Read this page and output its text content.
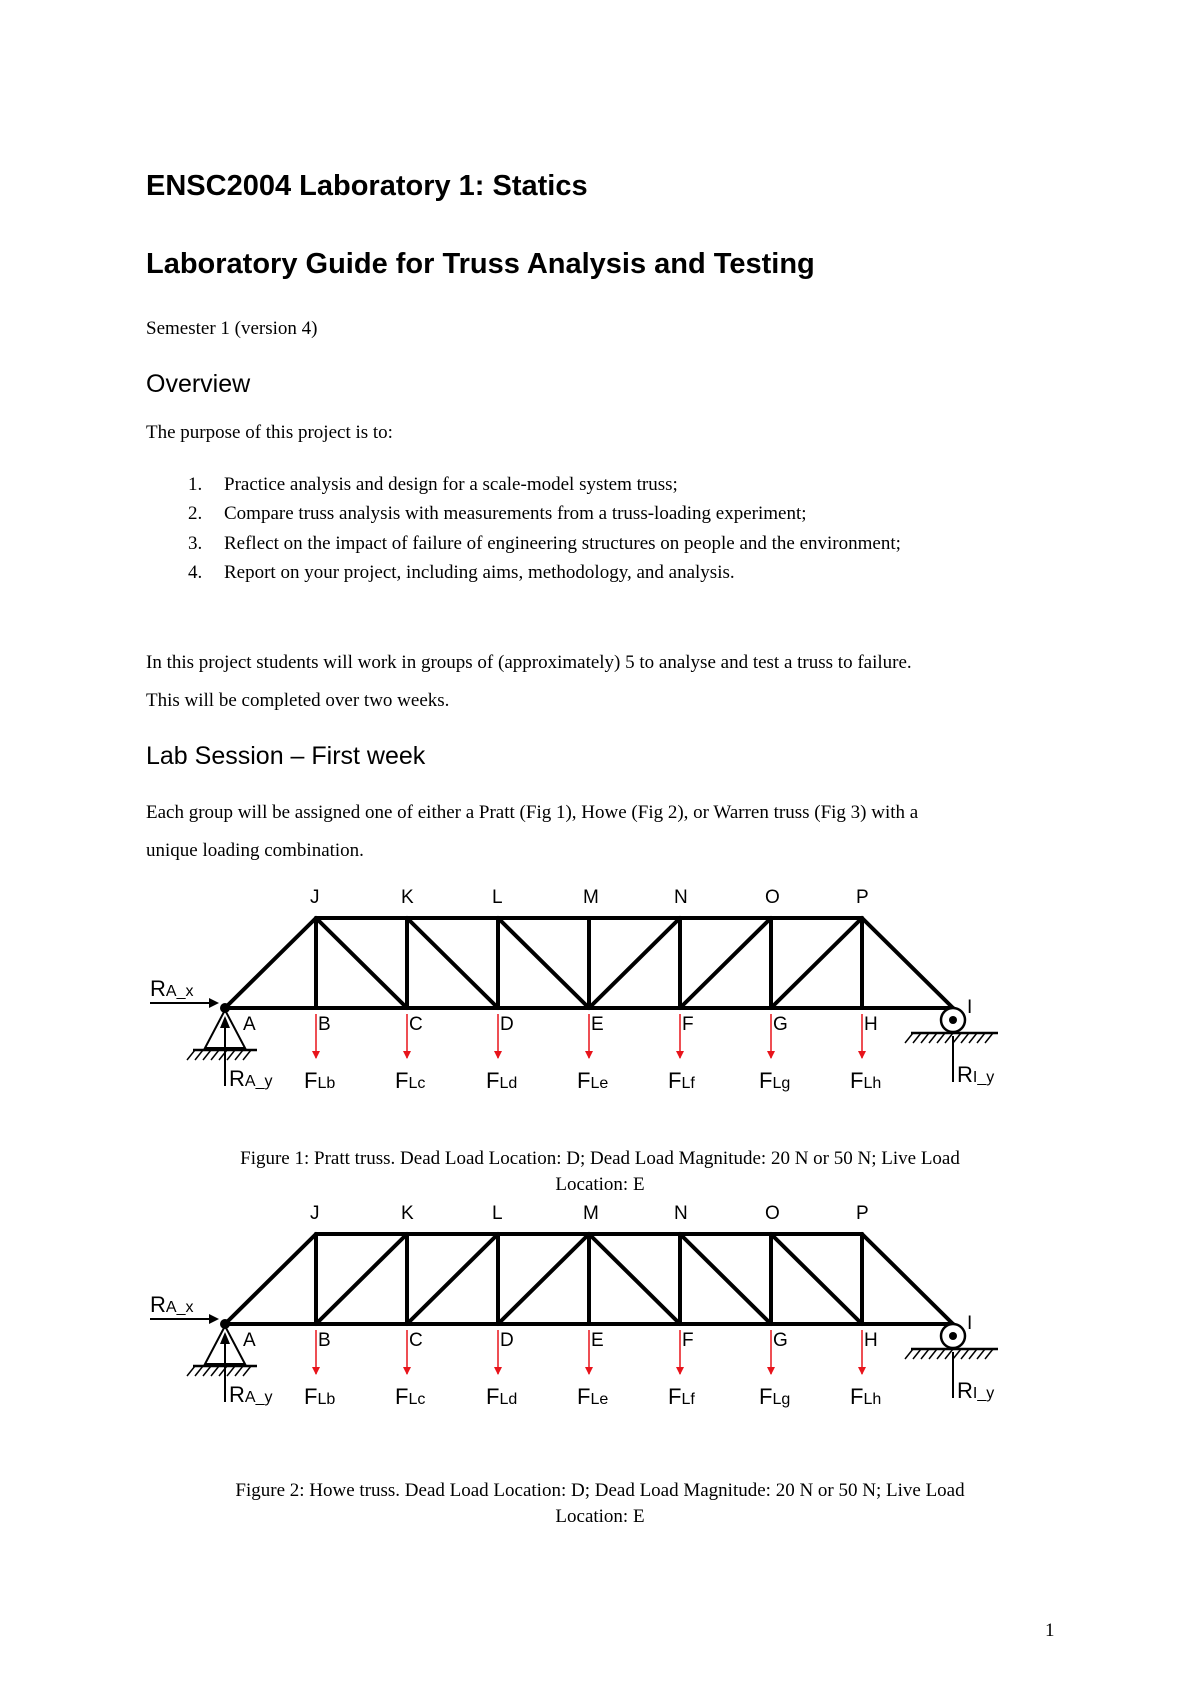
ENSC2004 Laboratory 1: Statics
Laboratory Guide for Truss Analysis and Testing

Semester 1 (version 4)

Overview

The purpose of this project is to:

1.	Practice analysis and design for a scale-model system truss;
2.	Compare truss analysis with measurements from a truss-loading experiment;
3.	Reflect on the impact of failure of engineering structures on people and the environment;
4.	Report on your project, including aims, methodology, and analysis.

In this project students will work in groups of (approximately) 5 to analyse and test a truss to failure.

This will be completed over two weeks.

Lab Session – First week

Each group will be assigned one of either a Pratt (Fig 1), Howe (Fig 2), or Warren truss (Fig 3) with a

unique loading combination.

J	K	L	M	N	O	P
A	B	C	D	E	F	G	H
I
FLb	FLc	FLd	FLe	FLf	FLg	FLh
RA_x
RA_y	RI_y
Figure 1: Pratt truss. Dead Load Location: D; Dead Load Magnitude: 20 N or 50 N; Live Load
Location: E
J	K	L	M	N	O	P
A	B	C	D	E	F	G	H
I
FLb	FLc	FLd	FLe	FLf	FLg	FLh
RA_x
RA_y	RI_y
Figure 2: Howe truss. Dead Load Location: D; Dead Load Magnitude: 20 N or 50 N; Live Load
Location: E
1
